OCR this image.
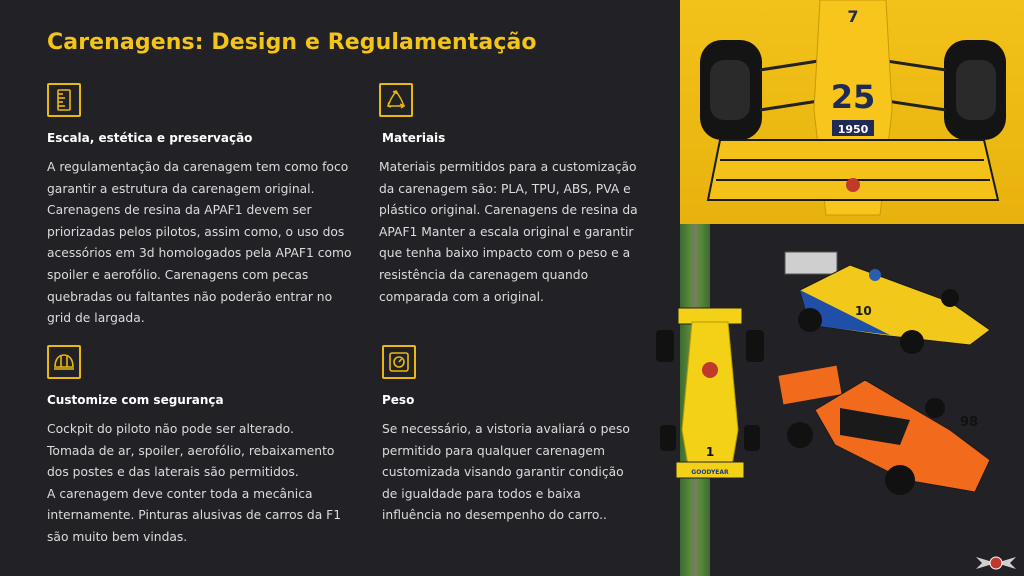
Carenagens: Design e Regulamentação
Escala, estética e preservação
A regulamentação da carenagem tem como foco
garantir a estrutura da carenagem original.
Carenagens de resina da APAF1 devem ser
priorizadas pelos pilotos, assim como, o uso dos
acessórios em 3d homologados pela APAF1 como
spoiler e aerofólio. Carenagens com pecas
quebradas ou faltantes não poderão entrar no
grid de largada.
Materiais
Materiais permitidos para a customização
da carenagem são: PLA, TPU, ABS, PVA e
plástico original. Carenagens de resina da
APAF1 Manter a escala original e garantir
que tenha baixo impacto com o peso e a
resistência da carenagem quando
comparada com a original.
Customize com segurança
Cockpit do piloto não pode ser alterado.
Tomada de ar, spoiler, aerofólio, rebaixamento
dos postes e das laterais são permitidos.
A carenagem deve conter toda a mecânica
internamente. Pinturas alusivas de carros da F1
são muito bem vindas.
Peso
Se necessário, a vistoria avaliará o peso
permitido para qualquer carenagem
customizada visando garantir condição
de igualdade para todos e baixa
influência no desempenho do carro..
7
25
1950
1
GOODYEAR
10
98
